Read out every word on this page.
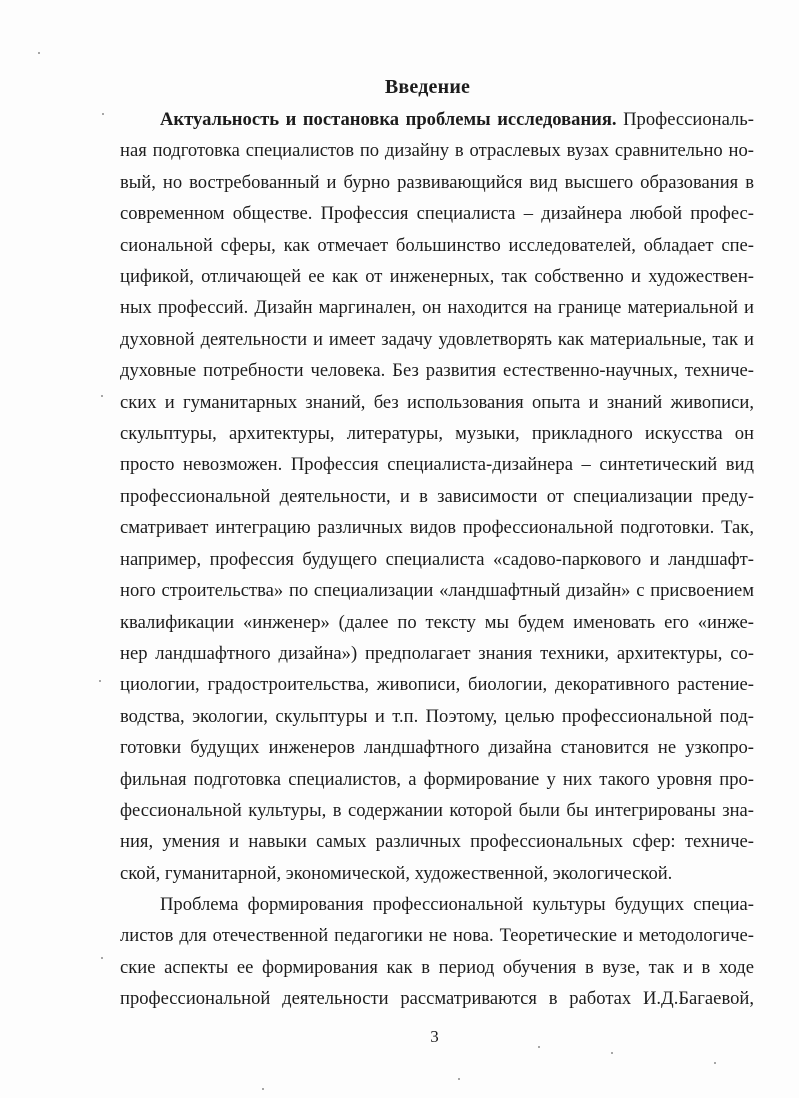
Введение
Актуальность и постановка проблемы исследования. Профессиональ-
ная подготовка специалистов по дизайну в отраслевых вузах сравнительно но-
вый, но востребованный и бурно развивающийся вид высшего образования в
современном обществе. Профессия специалиста – дизайнера любой профес-
сиональной сферы, как отмечает большинство исследователей, обладает спе-
цификой, отличающей ее как от инженерных, так собственно и художествен-
ных профессий. Дизайн маргинален, он находится на границе материальной и
духовной деятельности и имеет задачу удовлетворять как материальные, так и
духовные потребности человека. Без развития естественно-научных, техниче-
ских и гуманитарных знаний, без использования опыта и знаний живописи,
скульптуры, архитектуры, литературы, музыки, прикладного искусства он
просто невозможен. Профессия специалиста-дизайнера – синтетический вид
профессиональной деятельности, и в зависимости от специализации преду-
сматривает интеграцию различных видов профессиональной подготовки. Так,
например, профессия будущего специалиста «садово-паркового и ландшафт-
ного строительства» по специализации «ландшафтный дизайн» с присвоением
квалификации «инженер» (далее по тексту мы будем именовать его «инже-
нер ландшафтного дизайна») предполагает знания техники, архитектуры, со-
циологии, градостроительства, живописи, биологии, декоративного растение-
водства, экологии, скульптуры и т.п. Поэтому, целью профессиональной под-
готовки будущих инженеров ландшафтного дизайна становится не узкопро-
фильная подготовка специалистов, а формирование у них такого уровня про-
фессиональной культуры, в содержании которой были бы интегрированы зна-
ния, умения и навыки самых различных профессиональных сфер: техниче-
ской, гуманитарной, экономической, художественной, экологической.
Проблема формирования профессиональной культуры будущих специа-
листов для отечественной педагогики не нова. Теоретические и методологиче-
ские аспекты ее формирования как в период обучения в вузе, так и в ходе
профессиональной деятельности рассматриваются в работах И.Д.Багаевой,
3
